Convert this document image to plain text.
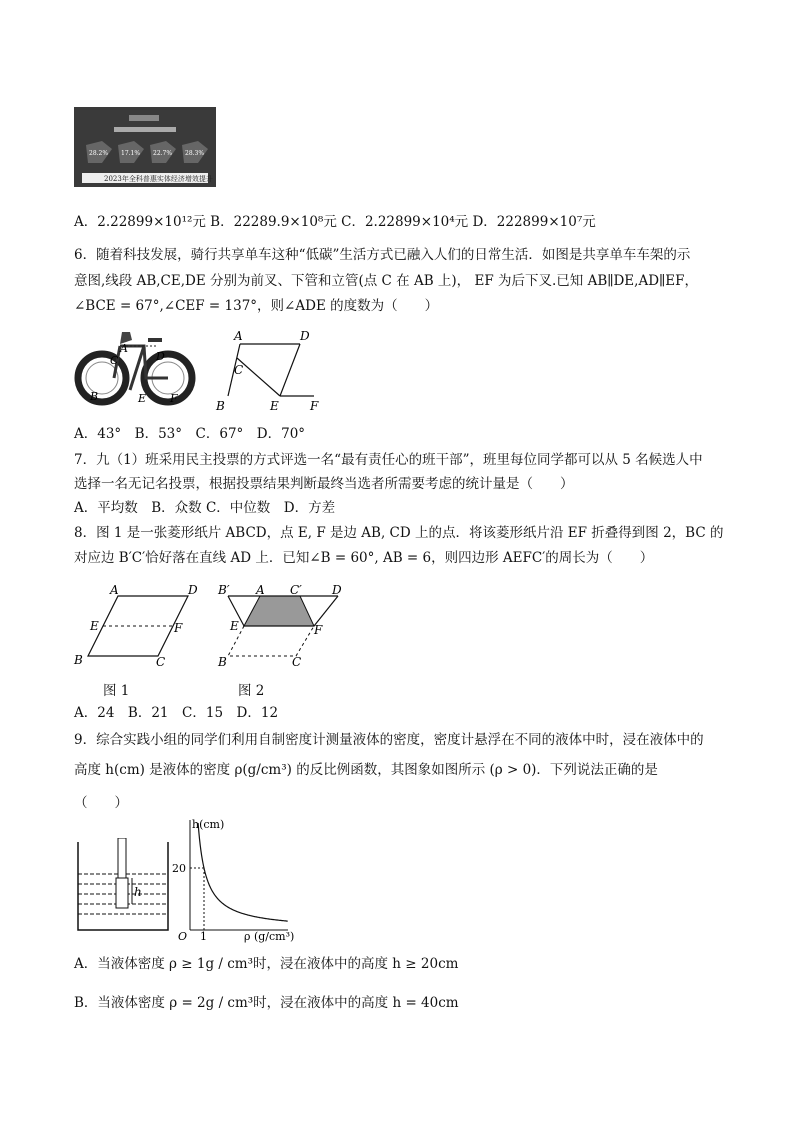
28.2% 17.1% 22.7% 28.3%
2023年全科普惠实体经济增效提升
A．2.22899×10¹²元 B．22289.9×10⁸元 C．2.22899×10⁴元 D．222899×10⁷元
6．随着科技发展，骑行共享单车这种“低碳”生活方式已融入人们的日常生活．如图是共享单车车架的示
意图,线段 AB,CE,DE 分别为前叉、下管和立管(点 C 在 AB 上)， EF 为后下叉.已知 AB∥DE,AD∥EF，
∠BCE = 67°,∠CEF = 137°，则∠ADE 的度数为（　　）
A
C	D
B	E F
A	D
C
B	E	F
A．43°　B．53°　C．67°　D．70°
7．九（1）班采用民主投票的方式评选一名“最有责任心的班干部”，班里每位同学都可以从 5 名候选人中
选择一名无记名投票，根据投票结果判断最终当选者所需要考虑的统计量是（　　）
A．平均数　B．众数 C．中位数　D．方差
8．图 1 是一张菱形纸片 ABCD，点 E, F 是边 AB, CD 上的点．将该菱形纸片沿 EF 折叠得到图 2，BC 的
对应边 B′C′恰好落在直线 AD 上．已知∠B = 60°, AB = 6，则四边形 AEFC′的周长为（　　）
A	D
E	F
B	C
图 1
B′ A C′	D
E	F
B	C
图 2
A．24　B．21　C．15　D．12
9．综合实践小组的同学们利用自制密度计测量液体的密度，密度计悬浮在不同的液体中时，浸在液体中的
高度 h(cm) 是液体的密度 ρ(g/cm³) 的反比例函数，其图象如图所示 (ρ > 0)．下列说法正确的是
（　　）
h
h(cm)
20
1
O	ρ (g/cm³)
A．当液体密度 ρ ≥ 1g / cm³时，浸在液体中的高度 h ≥ 20cm
B．当液体密度 ρ = 2g / cm³时，浸在液体中的高度 h = 40cm
